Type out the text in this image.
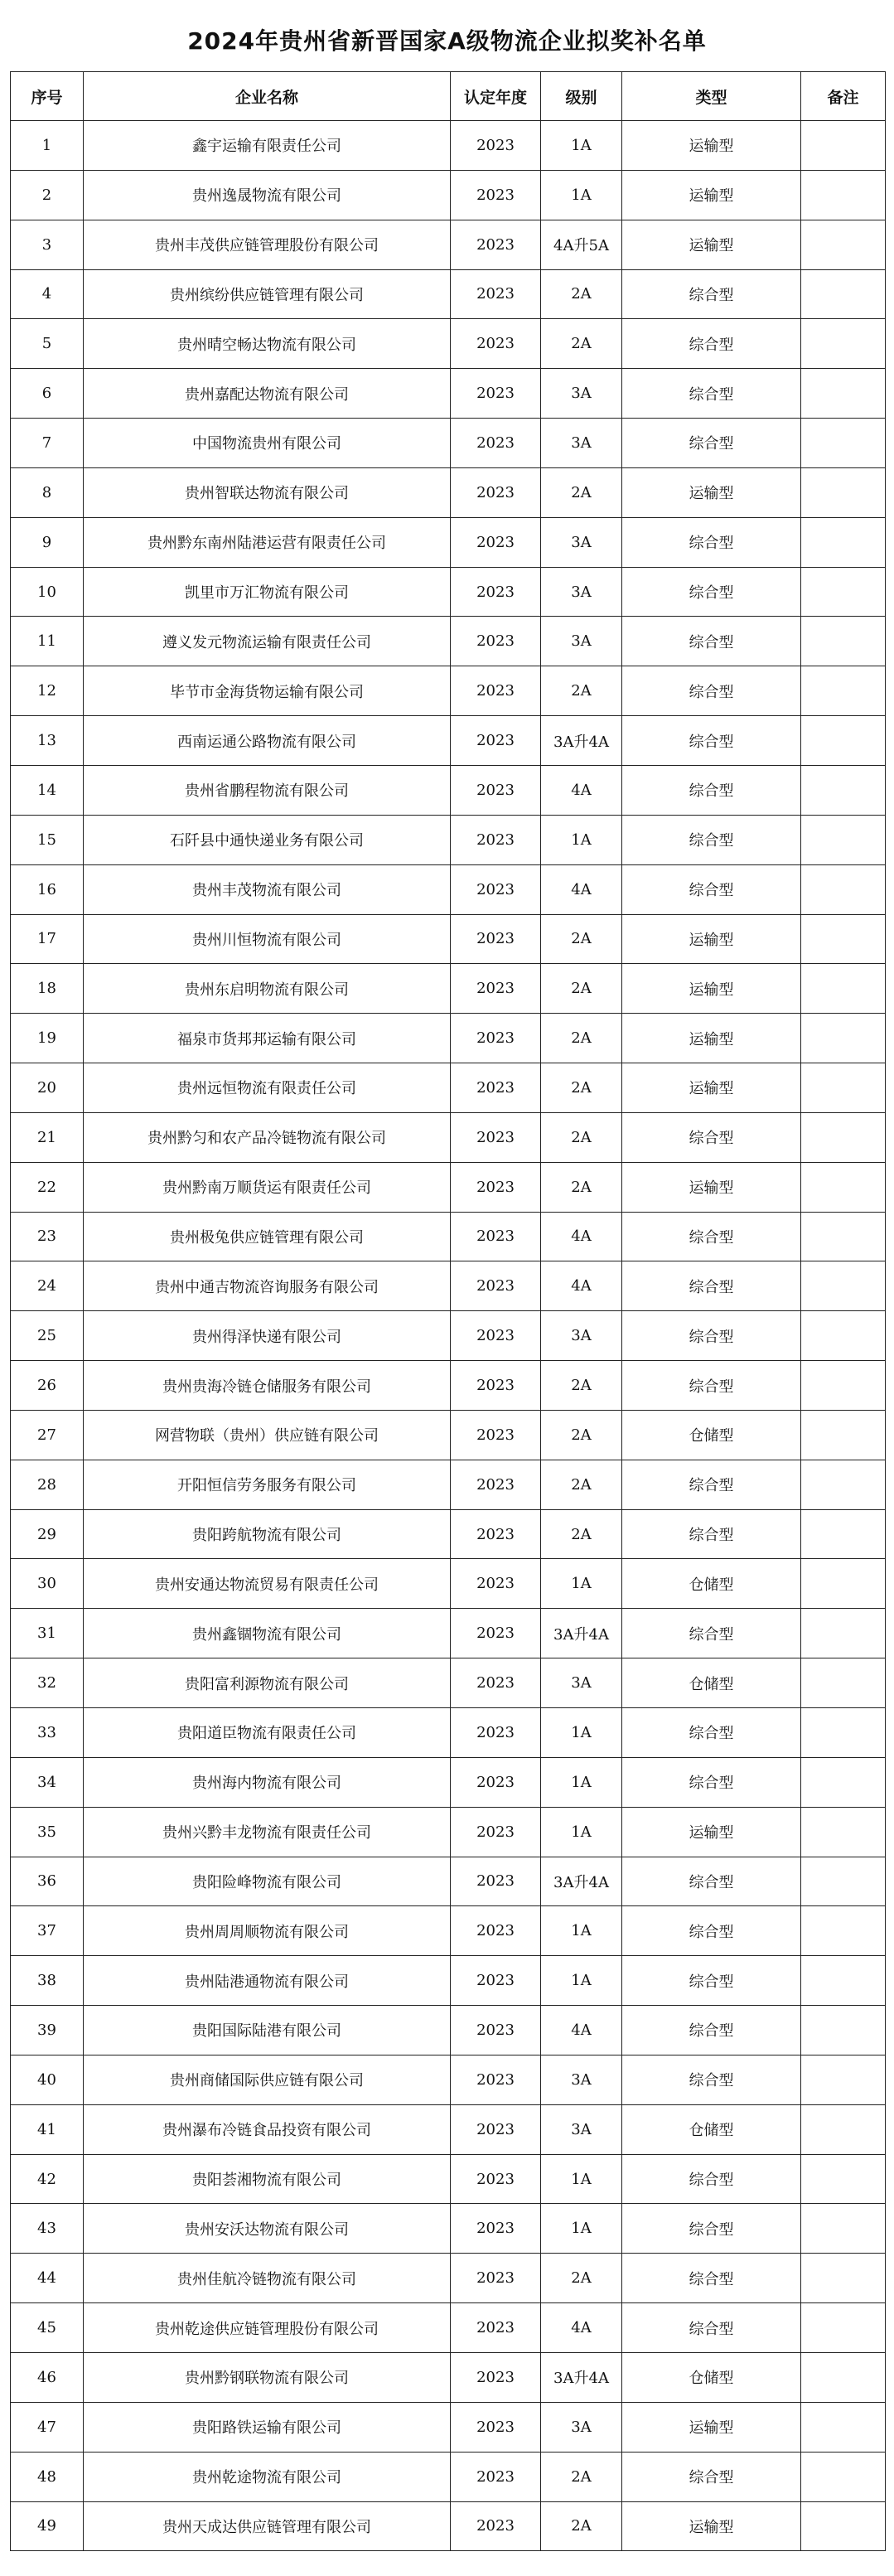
2024年贵州省新晋国家A级物流企业拟奖补名单
序号	企业名称	认定年度	级别	类型	备注
1	鑫宇运输有限责任公司	2023	1A	运输型	
2	贵州逸晟物流有限公司	2023	1A	运输型	
3	贵州丰茂供应链管理股份有限公司	2023	4A升5A	运输型	
4	贵州缤纷供应链管理有限公司	2023	2A	综合型	
5	贵州晴空畅达物流有限公司	2023	2A	综合型	
6	贵州嘉配达物流有限公司	2023	3A	综合型	
7	中国物流贵州有限公司	2023	3A	综合型	
8	贵州智联达物流有限公司	2023	2A	运输型	
9	贵州黔东南州陆港运营有限责任公司	2023	3A	综合型	
10	凯里市万汇物流有限公司	2023	3A	综合型	
11	遵义发元物流运输有限责任公司	2023	3A	综合型	
12	毕节市金海货物运输有限公司	2023	2A	综合型	
13	西南运通公路物流有限公司	2023	3A升4A	综合型	
14	贵州省鹏程物流有限公司	2023	4A	综合型	
15	石阡县中通快递业务有限公司	2023	1A	综合型	
16	贵州丰茂物流有限公司	2023	4A	综合型	
17	贵州川恒物流有限公司	2023	2A	运输型	
18	贵州东启明物流有限公司	2023	2A	运输型	
19	福泉市货邦邦运输有限公司	2023	2A	运输型	
20	贵州远恒物流有限责任公司	2023	2A	运输型	
21	贵州黔匀和农产品冷链物流有限公司	2023	2A	综合型	
22	贵州黔南万顺货运有限责任公司	2023	2A	运输型	
23	贵州极兔供应链管理有限公司	2023	4A	综合型	
24	贵州中通吉物流咨询服务有限公司	2023	4A	综合型	
25	贵州得泽快递有限公司	2023	3A	综合型	
26	贵州贵海冷链仓储服务有限公司	2023	2A	综合型	
27	网营物联（贵州）供应链有限公司	2023	2A	仓储型	
28	开阳恒信劳务服务有限公司	2023	2A	综合型	
29	贵阳跨航物流有限公司	2023	2A	综合型	
30	贵州安通达物流贸易有限责任公司	2023	1A	仓储型	
31	贵州鑫锢物流有限公司	2023	3A升4A	综合型	
32	贵阳富利源物流有限公司	2023	3A	仓储型	
33	贵阳道臣物流有限责任公司	2023	1A	综合型	
34	贵州海内物流有限公司	2023	1A	综合型	
35	贵州兴黔丰龙物流有限责任公司	2023	1A	运输型	
36	贵阳险峰物流有限公司	2023	3A升4A	综合型	
37	贵州周周顺物流有限公司	2023	1A	综合型	
38	贵州陆港通物流有限公司	2023	1A	综合型	
39	贵阳国际陆港有限公司	2023	4A	综合型	
40	贵州商储国际供应链有限公司	2023	3A	综合型	
41	贵州瀑布冷链食品投资有限公司	2023	3A	仓储型	
42	贵阳荟湘物流有限公司	2023	1A	综合型	
43	贵州安沃达物流有限公司	2023	1A	综合型	
44	贵州佳航冷链物流有限公司	2023	2A	综合型	
45	贵州乾途供应链管理股份有限公司	2023	4A	综合型	
46	贵州黔钢联物流有限公司	2023	3A升4A	仓储型	
47	贵阳路铁运输有限公司	2023	3A	运输型	
48	贵州乾途物流有限公司	2023	2A	综合型	
49	贵州天成达供应链管理有限公司	2023	2A	运输型	
